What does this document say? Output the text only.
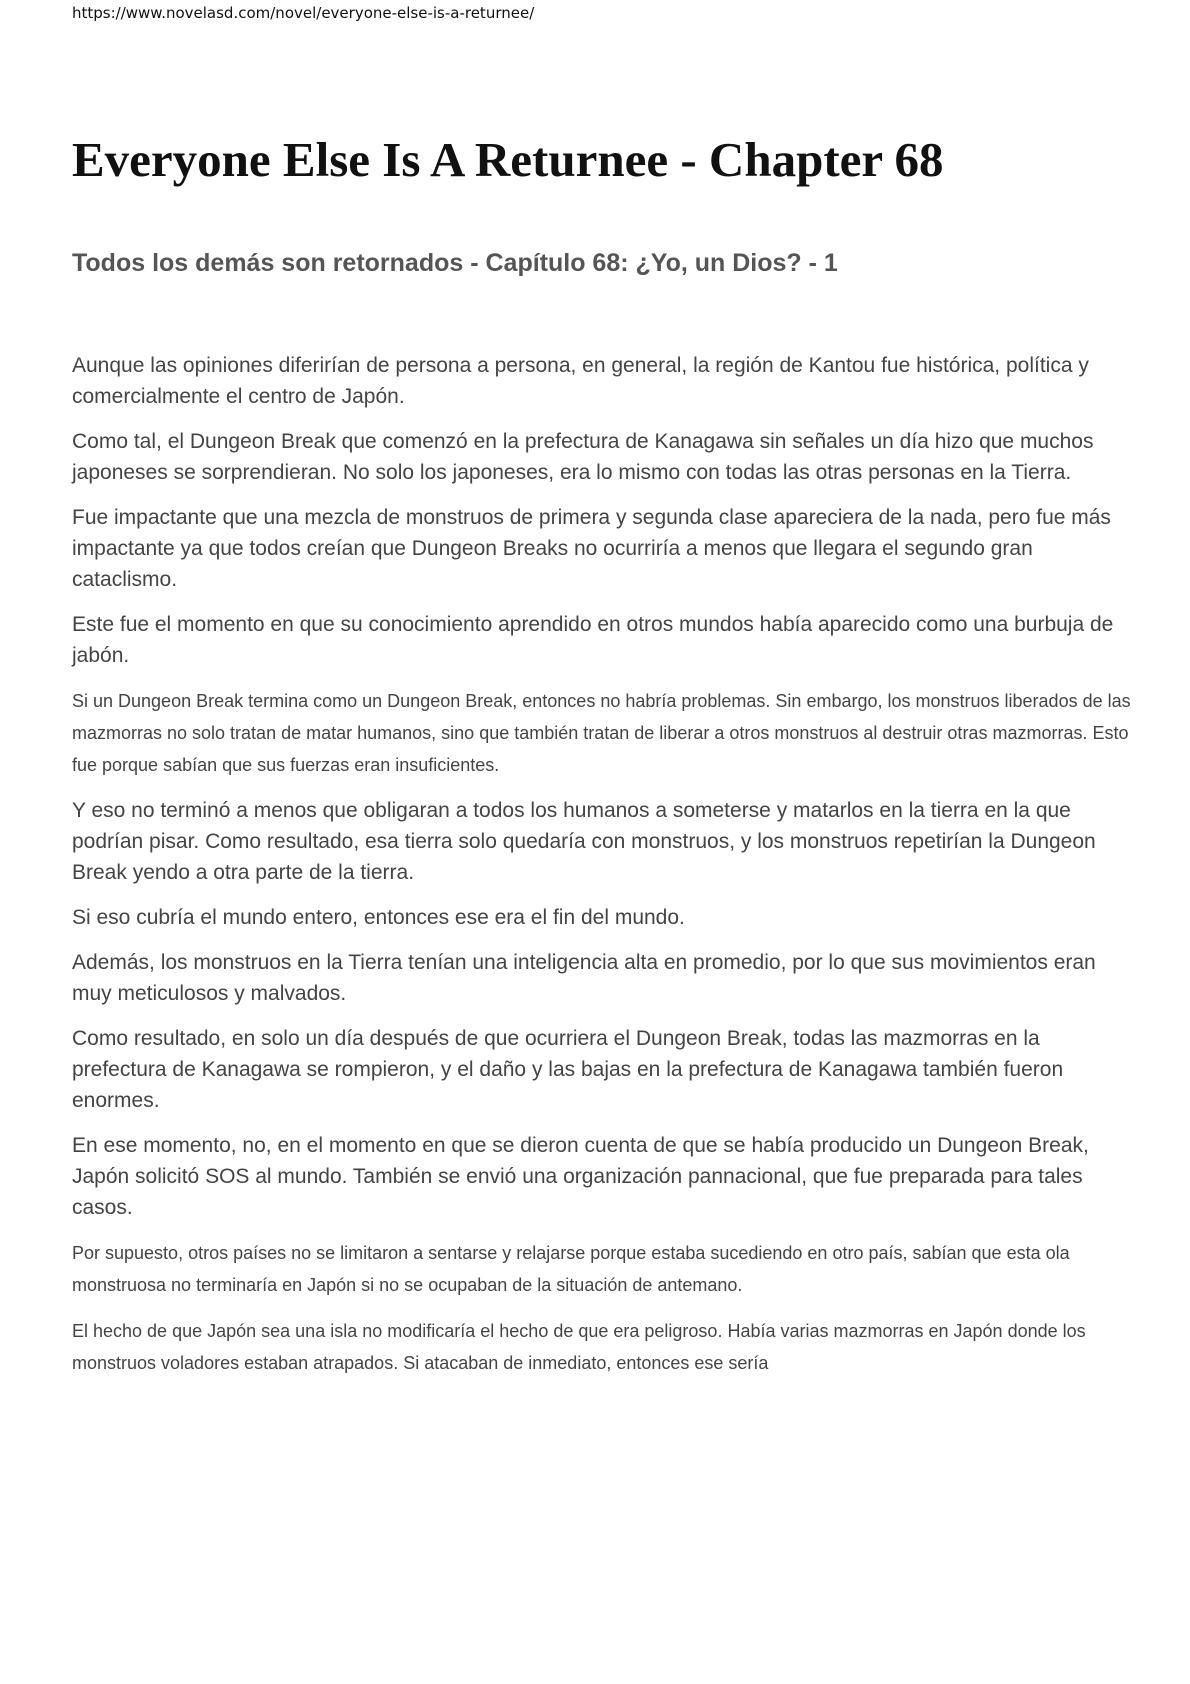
https://www.novelasd.com/novel/everyone-else-is-a-returnee/
Everyone Else Is A Returnee - Chapter 68
Todos los demás son retornados - Capítulo 68: ¿Yo, un Dios? - 1

Aunque las opiniones diferirían de persona a persona, en general, la región de Kantou fue histórica, política y comercialmente el centro de Japón.

Como tal, el Dungeon Break que comenzó en la prefectura de Kanagawa sin señales un día hizo que muchos japoneses se sorprendieran. No solo los japoneses, era lo mismo con todas las otras personas en la Tierra.

Fue impactante que una mezcla de monstruos de primera y segunda clase apareciera de la nada, pero fue más impactante ya que todos creían que Dungeon Breaks no ocurriría a menos que llegara el segundo gran cataclismo.

Este fue el momento en que su conocimiento aprendido en otros mundos había aparecido como una burbuja de jabón.

Si un Dungeon Break termina como un Dungeon Break, entonces no habría problemas. Sin embargo, los monstruos liberados de las mazmorras no solo tratan de matar humanos, sino que también tratan de liberar a otros monstruos al destruir otras mazmorras. Esto fue porque sabían que sus fuerzas eran insuficientes.

Y eso no terminó a menos que obligaran a todos los humanos a someterse y matarlos en la tierra en la que podrían pisar. Como resultado, esa tierra solo quedaría con monstruos, y los monstruos repetirían la Dungeon Break yendo a otra parte de la tierra.

Si eso cubría el mundo entero, entonces ese era el fin del mundo.

Además, los monstruos en la Tierra tenían una inteligencia alta en promedio, por lo que sus movimientos eran muy meticulosos y malvados.

Como resultado, en solo un día después de que ocurriera el Dungeon Break, todas las mazmorras en la prefectura de Kanagawa se rompieron, y el daño y las bajas en la prefectura de Kanagawa también fueron enormes.

En ese momento, no, en el momento en que se dieron cuenta de que se había producido un Dungeon Break, Japón solicitó SOS al mundo. También se envió una organización pannacional, que fue preparada para tales casos.

Por supuesto, otros países no se limitaron a sentarse y relajarse porque estaba sucediendo en otro país, sabían que esta ola monstruosa no terminaría en Japón si no se ocupaban de la situación de antemano.

El hecho de que Japón sea una isla no modificaría el hecho de que era peligroso. Había varias mazmorras en Japón donde los monstruos voladores estaban atrapados. Si atacaban de inmediato, entonces ese sería
